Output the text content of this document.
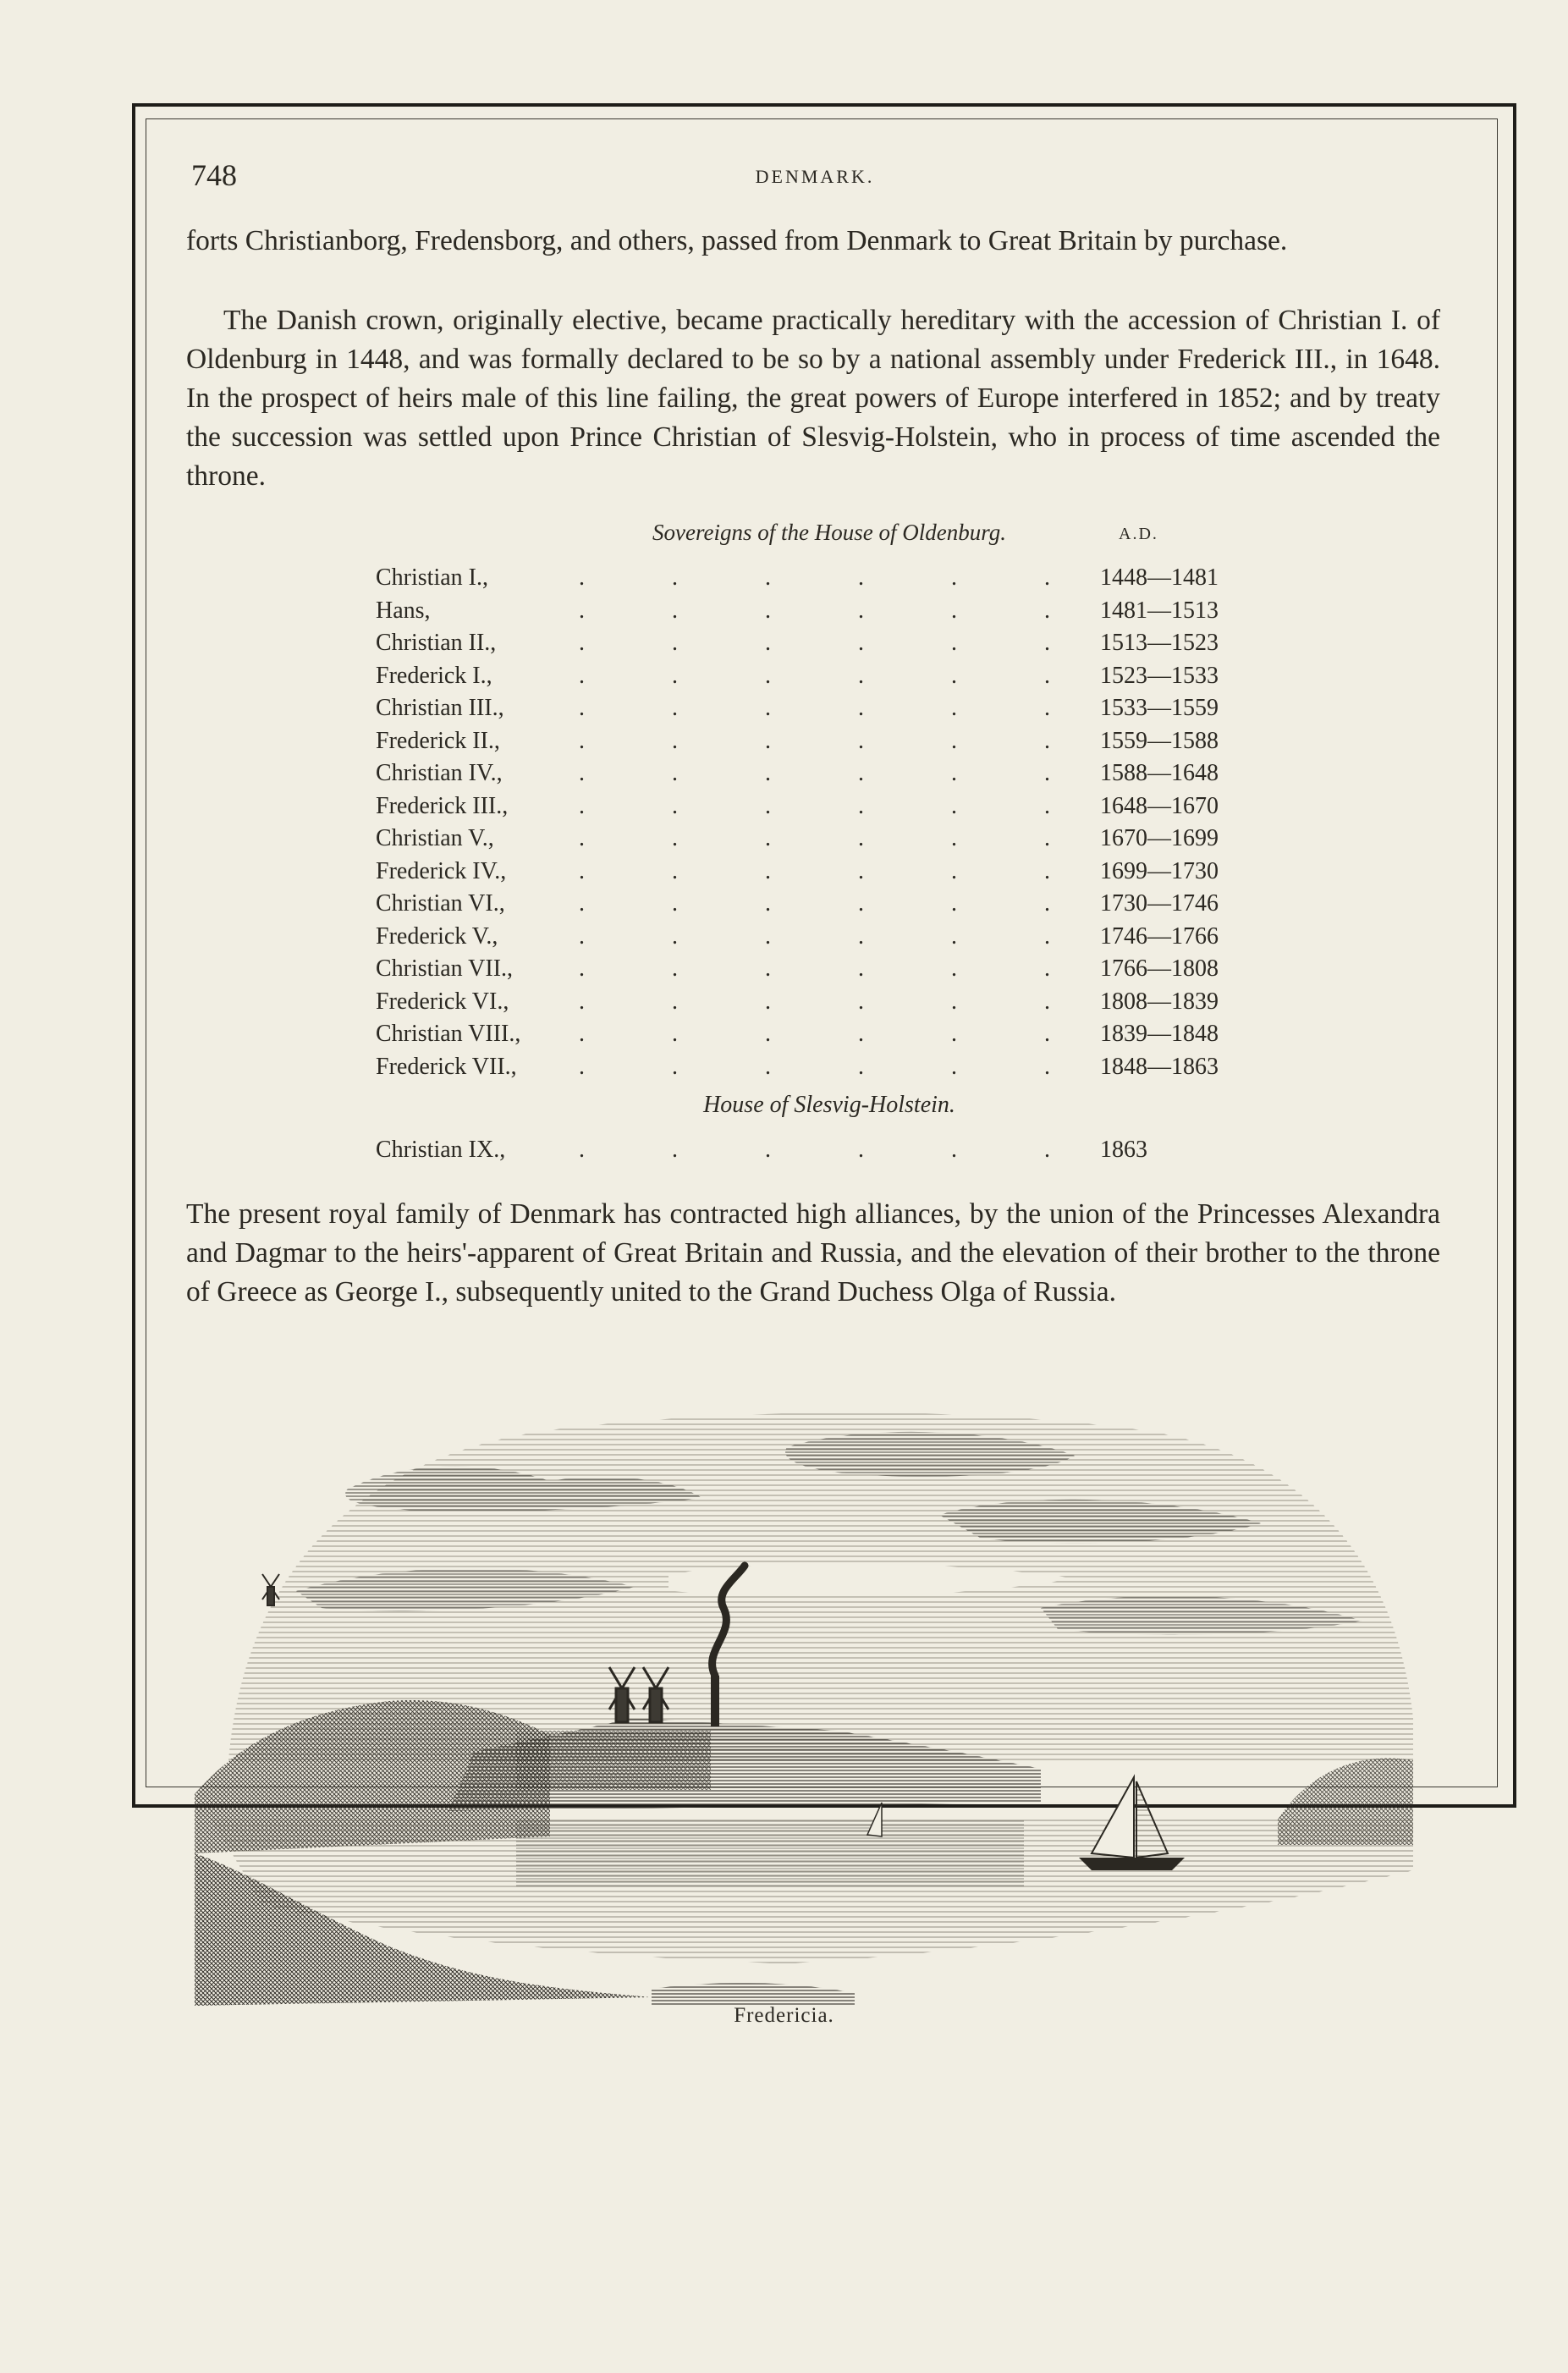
748	DENMARK.

forts Christianborg, Fredensborg, and others, passed from Denmark to Great Britain by purchase.

The Danish crown, originally elective, became practically hereditary with the accession of Christian I. of Oldenburg in 1448, and was formally declared to be so by a national assembly under Frederick III., in 1648. In the prospect of heirs male of this line failing, the great powers of Europe interfered in 1852; and by treaty the succession was settled upon Prince Christian of Slesvig-Holstein, who in process of time ascended the throne.

Sovereigns of the House of Oldenburg.	A.D.
Christian I.,	.	.	.	.	.	. 1448—1481
Hans,	.	.	.	.	.	. 1481—1513
Christian II.,	.	.	.	.	.	. 1513—1523
Frederick I.,	.	.	.	.	.	. 1523—1533
Christian III.,	.	.	.	.	.	. 1533—1559
Frederick II.,	.	.	.	.	.	. 1559—1588
Christian IV.,	.	.	.	.	.	. 1588—1648
Frederick III.,	.	.	.	.	.	. 1648—1670
Christian V.,	.	.	.	.	.	. 1670—1699
Frederick IV.,	.	.	.	.	.	. 1699—1730
Christian VI.,	.	.	.	.	.	. 1730—1746
Frederick V.,	.	.	.	.	.	. 1746—1766
Christian VII.,	.	.	.	.	.	. 1766—1808
Frederick VI.,	.	.	.	.	.	. 1808—1839
Christian VIII., .	.	.	.	.	. 1839—1848
Frederick VII.,	.	.	.	.	.	. 1848—1863
House of Slesvig-Holstein.
Christian IX.,	.	.	.	.	.	. 1863

The present royal family of Denmark has contracted high alliances, by the union of the Princesses Alexandra and Dagmar to the heirs'-apparent of Great Britain and Russia, and the elevation of their brother to the throne of Greece as George I., subsequently united to the Grand Duchess Olga of Russia.

Fredericia.
